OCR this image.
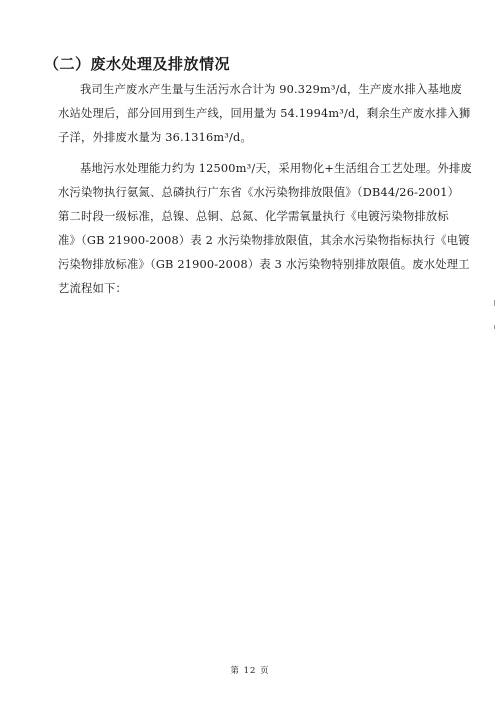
（二）废水处理及排放情况
我司生产废水产生量与生活污水合计为 90.329m³/d，生产废水排入基地废
水站处理后，部分回用到生产线，回用量为 54.1994m³/d，剩余生产废水排入狮
子洋，外排废水量为 36.1316m³/d。
基地污水处理能力约为 12500m³/天，采用物化+生活组合工艺处理。外排废
水污染物执行氨氮、总磷执行广东省《水污染物排放限值》（DB44/26-2001）
第二时段一级标准，总镍、总铜、总氮、化学需氧量执行《电镀污染物排放标
准》（GB 21900-2008）表 2 水污染物排放限值，其余水污染物指标执行《电镀
污染物排放标准》（GB 21900-2008）表 3 水污染物特别排放限值。废水处理工
艺流程如下：
第 12 页
